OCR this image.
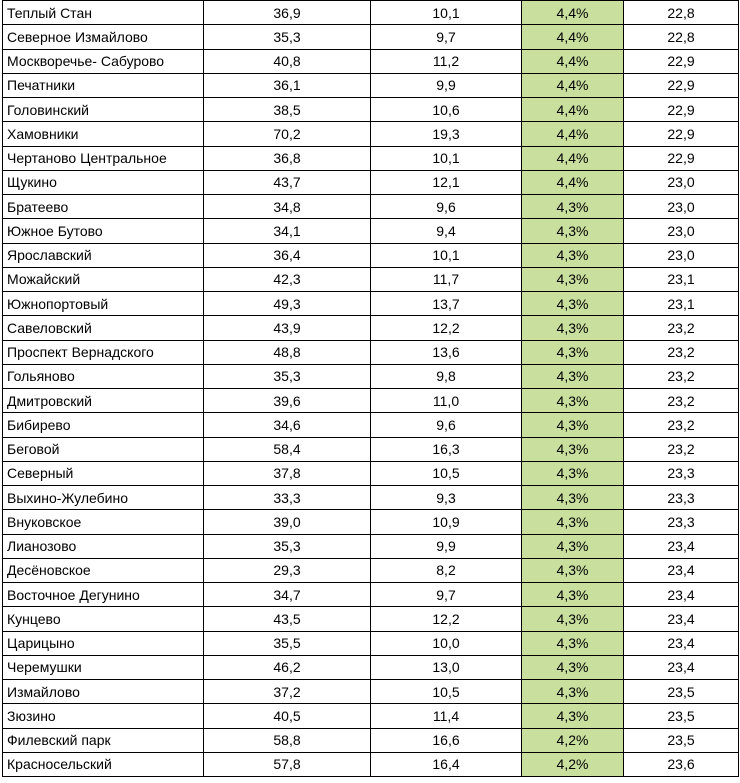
Теплый Стан	36,9	10,1	4,4%	22,8
Северное Измайлово	35,3	9,7	4,4%	22,8
Москворечье- Сабурово	40,8	11,2	4,4%	22,9
Печатники	36,1	9,9	4,4%	22,9
Головинский	38,5	10,6	4,4%	22,9
Хамовники	70,2	19,3	4,4%	22,9
Чертаново Центральное	36,8	10,1	4,4%	22,9
Щукино	43,7	12,1	4,4%	23,0
Братеево	34,8	9,6	4,3%	23,0
Южное Бутово	34,1	9,4	4,3%	23,0
Ярославский	36,4	10,1	4,3%	23,0
Можайский	42,3	11,7	4,3%	23,1
Южнопортовый	49,3	13,7	4,3%	23,1
Савеловский	43,9	12,2	4,3%	23,2
Проспект Вернадского	48,8	13,6	4,3%	23,2
Гольяново	35,3	9,8	4,3%	23,2
Дмитровский	39,6	11,0	4,3%	23,2
Бибирево	34,6	9,6	4,3%	23,2
Беговой	58,4	16,3	4,3%	23,2
Северный	37,8	10,5	4,3%	23,3
Выхино-Жулебино	33,3	9,3	4,3%	23,3
Внуковское	39,0	10,9	4,3%	23,3
Лианозово	35,3	9,9	4,3%	23,4
Десёновское	29,3	8,2	4,3%	23,4
Восточное Дегунино	34,7	9,7	4,3%	23,4
Кунцево	43,5	12,2	4,3%	23,4
Царицыно	35,5	10,0	4,3%	23,4
Черемушки	46,2	13,0	4,3%	23,4
Измайлово	37,2	10,5	4,3%	23,5
Зюзино	40,5	11,4	4,3%	23,5
Филевский парк	58,8	16,6	4,2%	23,5
Красносельский	57,8	16,4	4,2%	23,6
